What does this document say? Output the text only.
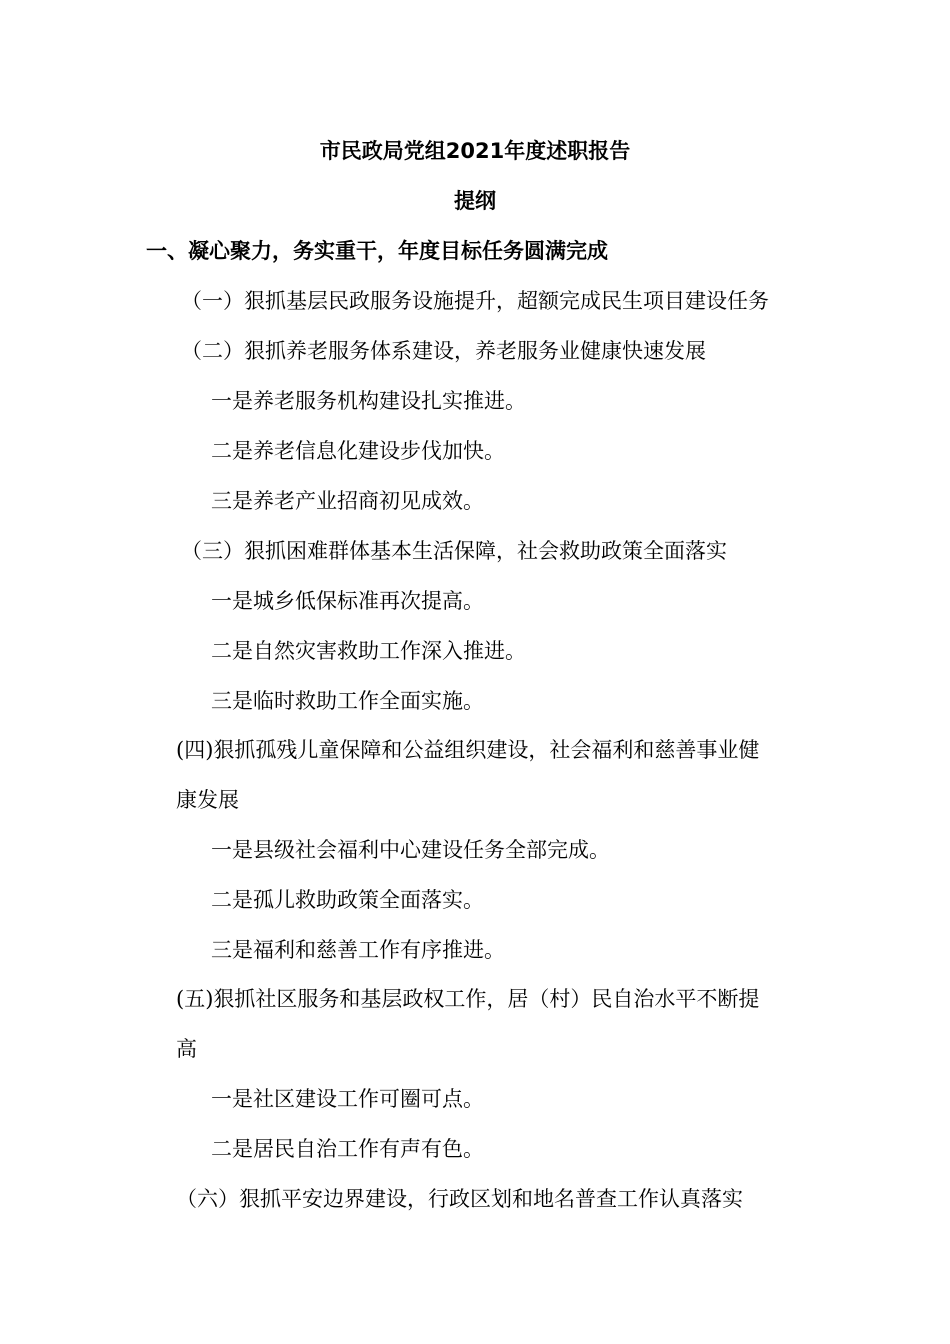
市民政局党组2021年度述职报告
提纲
一、凝心聚力，务实重干，年度目标任务圆满完成
（一）狠抓基层民政服务设施提升，超额完成民生项目建设任务
（二）狠抓养老服务体系建设，养老服务业健康快速发展
一是养老服务机构建设扎实推进。
二是养老信息化建设步伐加快。
三是养老产业招商初见成效。
（三）狠抓困难群体基本生活保障，社会救助政策全面落实
一是城乡低保标准再次提高。
二是自然灾害救助工作深入推进。
三是临时救助工作全面实施。
(四)狠抓孤残儿童保障和公益组织建设，社会福利和慈善事业健
康发展
一是县级社会福利中心建设任务全部完成。
二是孤儿救助政策全面落实。
三是福利和慈善工作有序推进。
(五)狠抓社区服务和基层政权工作，居（村）民自治水平不断提
高
一是社区建设工作可圈可点。
二是居民自治工作有声有色。
（六）狠抓平安边界建设，行政区划和地名普查工作认真落实
